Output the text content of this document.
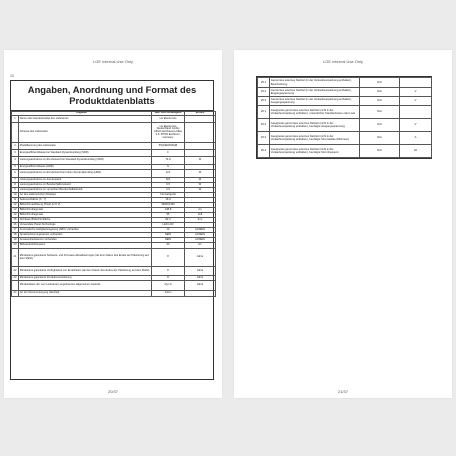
LGE Internal Use Only
10
Angaben, Anordnung und Format des
Produktdatenblatts
Angaben		Wert und Genauigkeit	Einheit
1	Name oder Handelsmarke des Lieferanten	LG Electronics	
	Adresse des Lieferanten	LG Electronics Deutschland GmbH Alfred-Herrhausen-Allee 3-5, 65760 Eschborn, Germany	
2	Modellkennung des Lieferanten	55QNED826QB	
3	Energieeffizienzklasse bei Standard-Dynamikumfang (SDR)	F	
4	Leistungsaufnahme im Ein-Zustand bei Standard-Dynamikumfang (SDR)	74.8	W
5	Energieeffizienzklasse (HDR)	G	
6	Leistungsaufnahme im Ein-Zustand bei hohem Dynamikumfang (HDR)	121	W
7	Leistungsaufnahme im Aus-Zustand	N/A	W
8	Leistungsaufnahme im Bereitschaftszustand	0.5	W
9	Leistungsaufnahme im vernetzten Bereitschaftsbetrieb	2.0	W
10	Art des elektronischen Displays	Fernsehgerät	
11	Seitenverhältnis (X : Y)	16:9	
12	Bildschirmauflösung (Pixel) (H X V)	3840X2160	
13	Bildschirmdiagonale	138.8	cm
14	Bildschirmdiagonale	55	Zoll
15	Sichtbare Bildschirmfläche	82.3	dm²
16	Verwendete Panel-Technologie	LED LCD	
17	Automatische Helligkeitsregelung (ABC) vorhanden	JA	JA/NEIN
18	Spracherkennungssensor vorhanden	NEIN	JA/NEIN
19	Anwesenheitssensor vorhanden	NEIN	JA/NEIN
20	Bildwiederholfrequenz	60	Hz
21	Mindestens garantierte Software- und Firmware-Aktualisierungen (ab dem Datum des Endes der Platzierung auf dem Markt):	8	Jahre
22	Mindestens garantierte Verfügbarkeit von Ersatzteilen (ab dem Datum des Endes der Platzierung auf dem Markt):	8	Jahre
23	Mindestens garantierte Produktunterstützung	8	Jahre
	Mindestdauer der vom Lieferanten angebotenen allgemeinen Garantie	2(yr.1)	Jahre
24	Art der Stromversorgung (Netzteil)	Intern	
20/37
LGE Internal Use Only
25.1	Genormtes externes Netzteil (in der Verkaufsverpackung enthalten), Beschreibung	N/A	
25.2	Genormtes externes Netzteil (in der Verkaufsverpackung enthalten), Eingangsspannung	N/A	V
25.3	Genormtes externes Netzteil (in der Verkaufsverpackung enthalten), Ausgangsspannung	N/A	V
26.1	Geeignetes genormtes externes Netzteil (nicht in der Verkaufsverpackung enthalten), unterstützter Standardname oder Liste	N/A	
26.2	Geeignetes genormtes externes Netzteil (nicht in der Verkaufsverpackung enthalten), benötigte Ausgangsspannung	N/A	V
26.3	Geeignetes genormtes externes Netzteil (nicht in der Verkaufsverpackung enthalten), benötigte Stromstärke (Minimum)	N/A	A
26.4	Geeignetes genormtes externes Netzteil (nicht in der Verkaufsverpackung enthalten), benötigte Stromfrequenz	N/A	Hz
21/37
